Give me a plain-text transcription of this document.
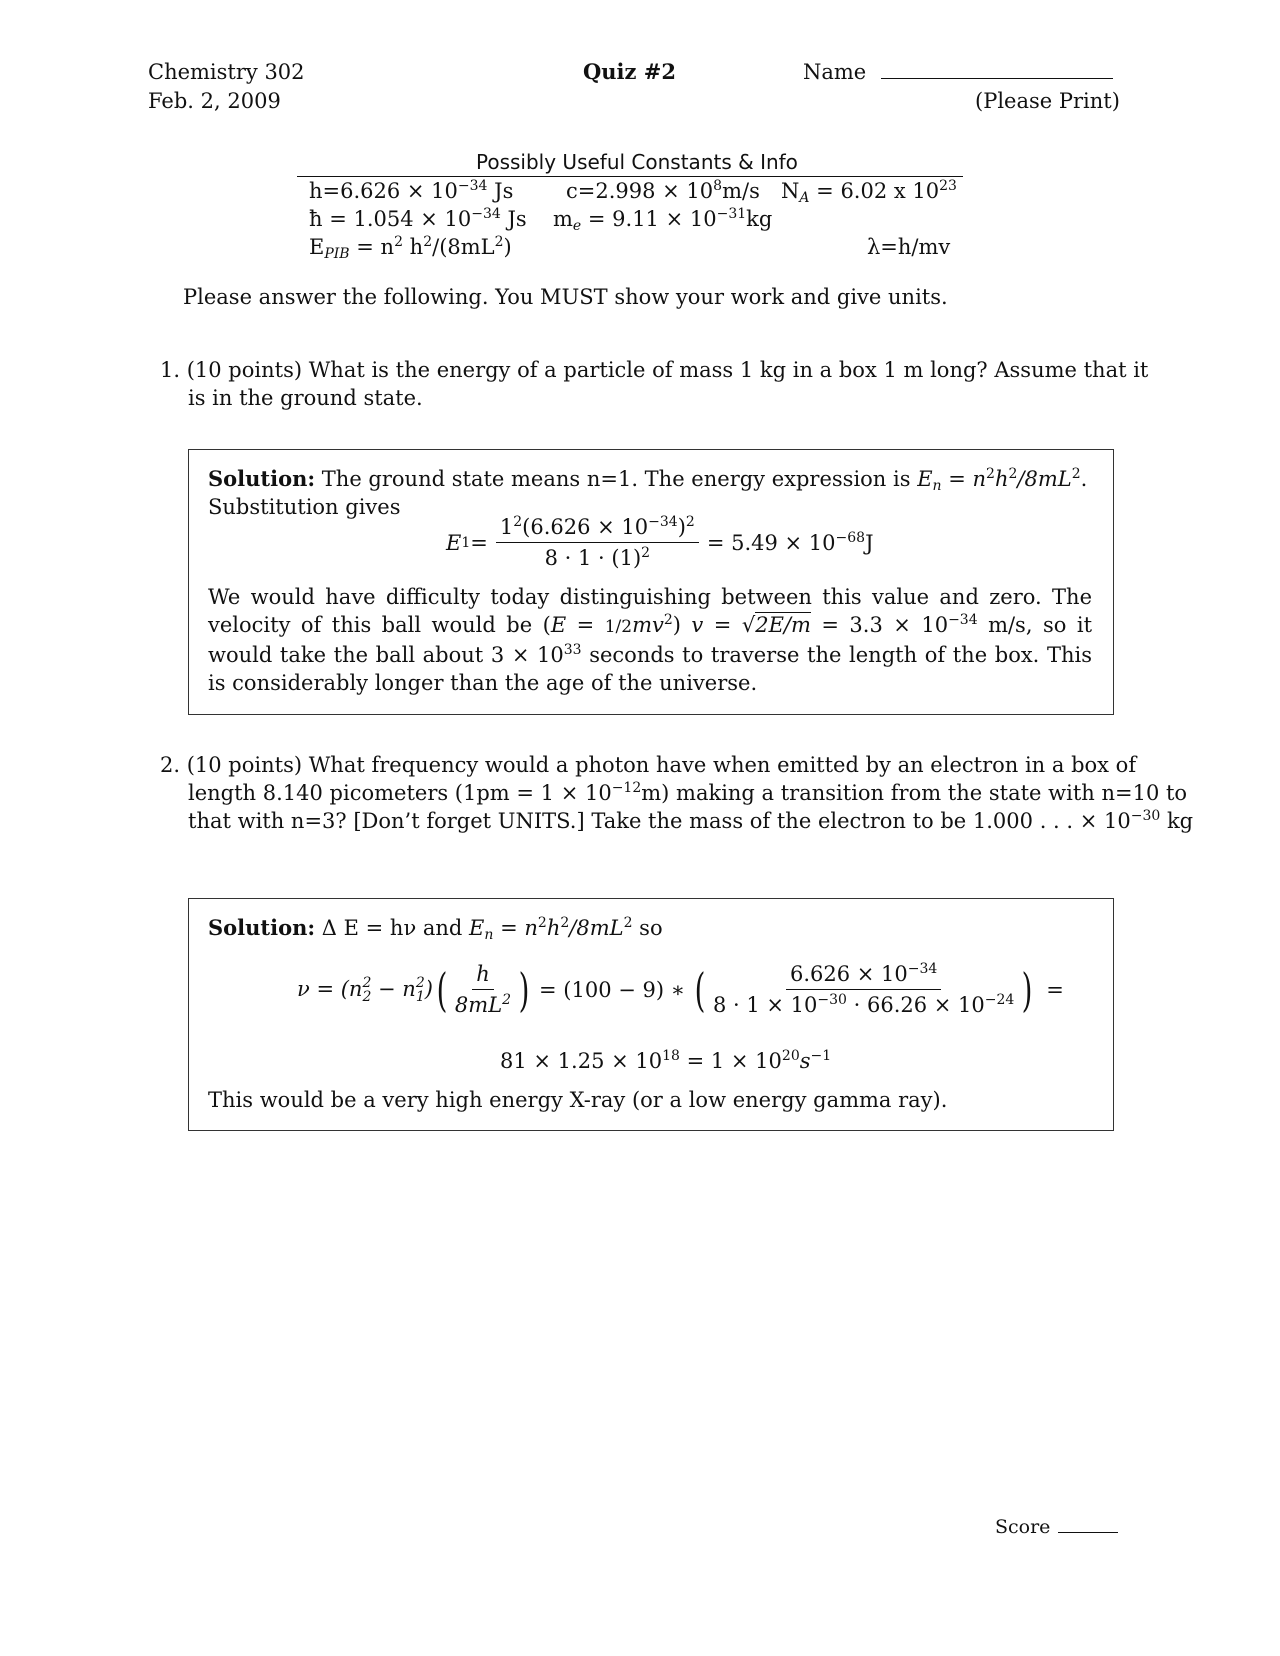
Chemistry 302
Feb. 2, 2009
Quiz #2	Name
(Please Print)
Possibly Useful Constants & Info
$h=6.626 \times 10^{-34}$ Js	$c=2.998 \times 10^8m/s$ $N_A = 6.02$ x $10^{23}$
ħ = $1.054 \times 10^{-34}$ Js $m_e = 9.11 \times 10^{-31}kg$
$E_{PIB} = n^2$ $h^2/(8mL^2)$	λ=h/mv
Please answer the following. You MUST show your work and give units.
1. (10 points) What is the energy of a particle of mass 1 kg in a box 1 m long? Assume that it
is in the ground state.
Solution: The ground state means n=1. The energy expression is $E_n = n^2h^2/8mL^2$.
Substitution gives
E $1 = \frac{1^2(6.626 \times 10^{-34})^2}{8 \cdot 1 \cdot (1)^2} = 5.49 \times 10^{-68}J$
We would have difficulty today distinguishing between this value and zero. The velocity of this ball would be $(E = 1/2mv^2)$ $v = √2E/m = 3.3 \times 10^{-34}$ m/s, so it would take the ball about $3 \times 10^{33}$ seconds to traverse the length of the box. This is considerably longer than the age of the universe.
2. (10 points) What frequency would a photon have when emitted by an electron in a box of
length 8.140 picometers $(1pm = 1 \times 10^{-12}m)$ making a transition from the state with n=10 to
that with n=3? [Don’t forget UNITS.] Take the mass of the electron to be 1.000 . . . × $10^{-30}$ kg
Solution: Δ E = hν and $E_n = n^2h^2/8mL^2$ so
ν = (n 2
2 − n 2
1 ) ( $\frac{h}{8mL^2}$ ) = (100 − 9) ∗ ( $\frac{6.626 \times 10^{-34}}{8 \cdot 1 \times 10^{-30} \cdot 66.26 \times 10^{-24}}$ ) =
$81 \times 1.25 \times 10^{18} = 1 \times 10^{20}s^{-1}$
This would be a very high energy X-ray (or a low energy gamma ray).
Score
